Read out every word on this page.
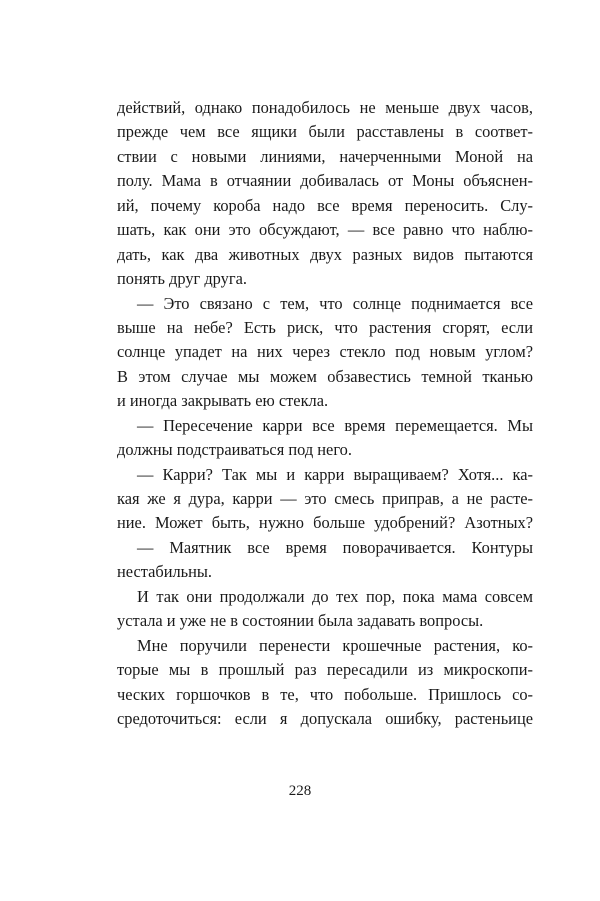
действий, однако понадобилось не меньше двух часов,
прежде чем все ящики были расставлены в соответ-
ствии с новыми линиями, начерченными Моной на
полу. Мама в отчаянии добивалась от Моны объяснен-
ий, почему короба надо все время переносить. Слу-
шать, как они это обсуждают, — все равно что наблю-
дать, как два животных двух разных видов пытаются
понять друг друга.
— Это связано с тем, что солнце поднимается все
выше на небе? Есть риск, что растения сгорят, если
солнце упадет на них через стекло под новым углом?
В этом случае мы можем обзавестись темной тканью
и иногда закрывать ею стекла.
— Пересечение карри все время перемещается. Мы
должны подстраиваться под него.
— Карри? Так мы и карри выращиваем? Хотя... ка-
кая же я дура, карри — это смесь приправ, а не расте-
ние. Может быть, нужно больше удобрений? Азотных?
— Маятник все время поворачивается. Контуры
нестабильны.
И так они продолжали до тех пор, пока мама совсем
устала и уже не в состоянии была задавать вопросы.
Мне поручили перенести крошечные растения, ко-
торые мы в прошлый раз пересадили из микроскопи-
ческих горшочков в те, что побольше. Пришлось со-
средоточиться: если я допускала ошибку, растеньице
228
